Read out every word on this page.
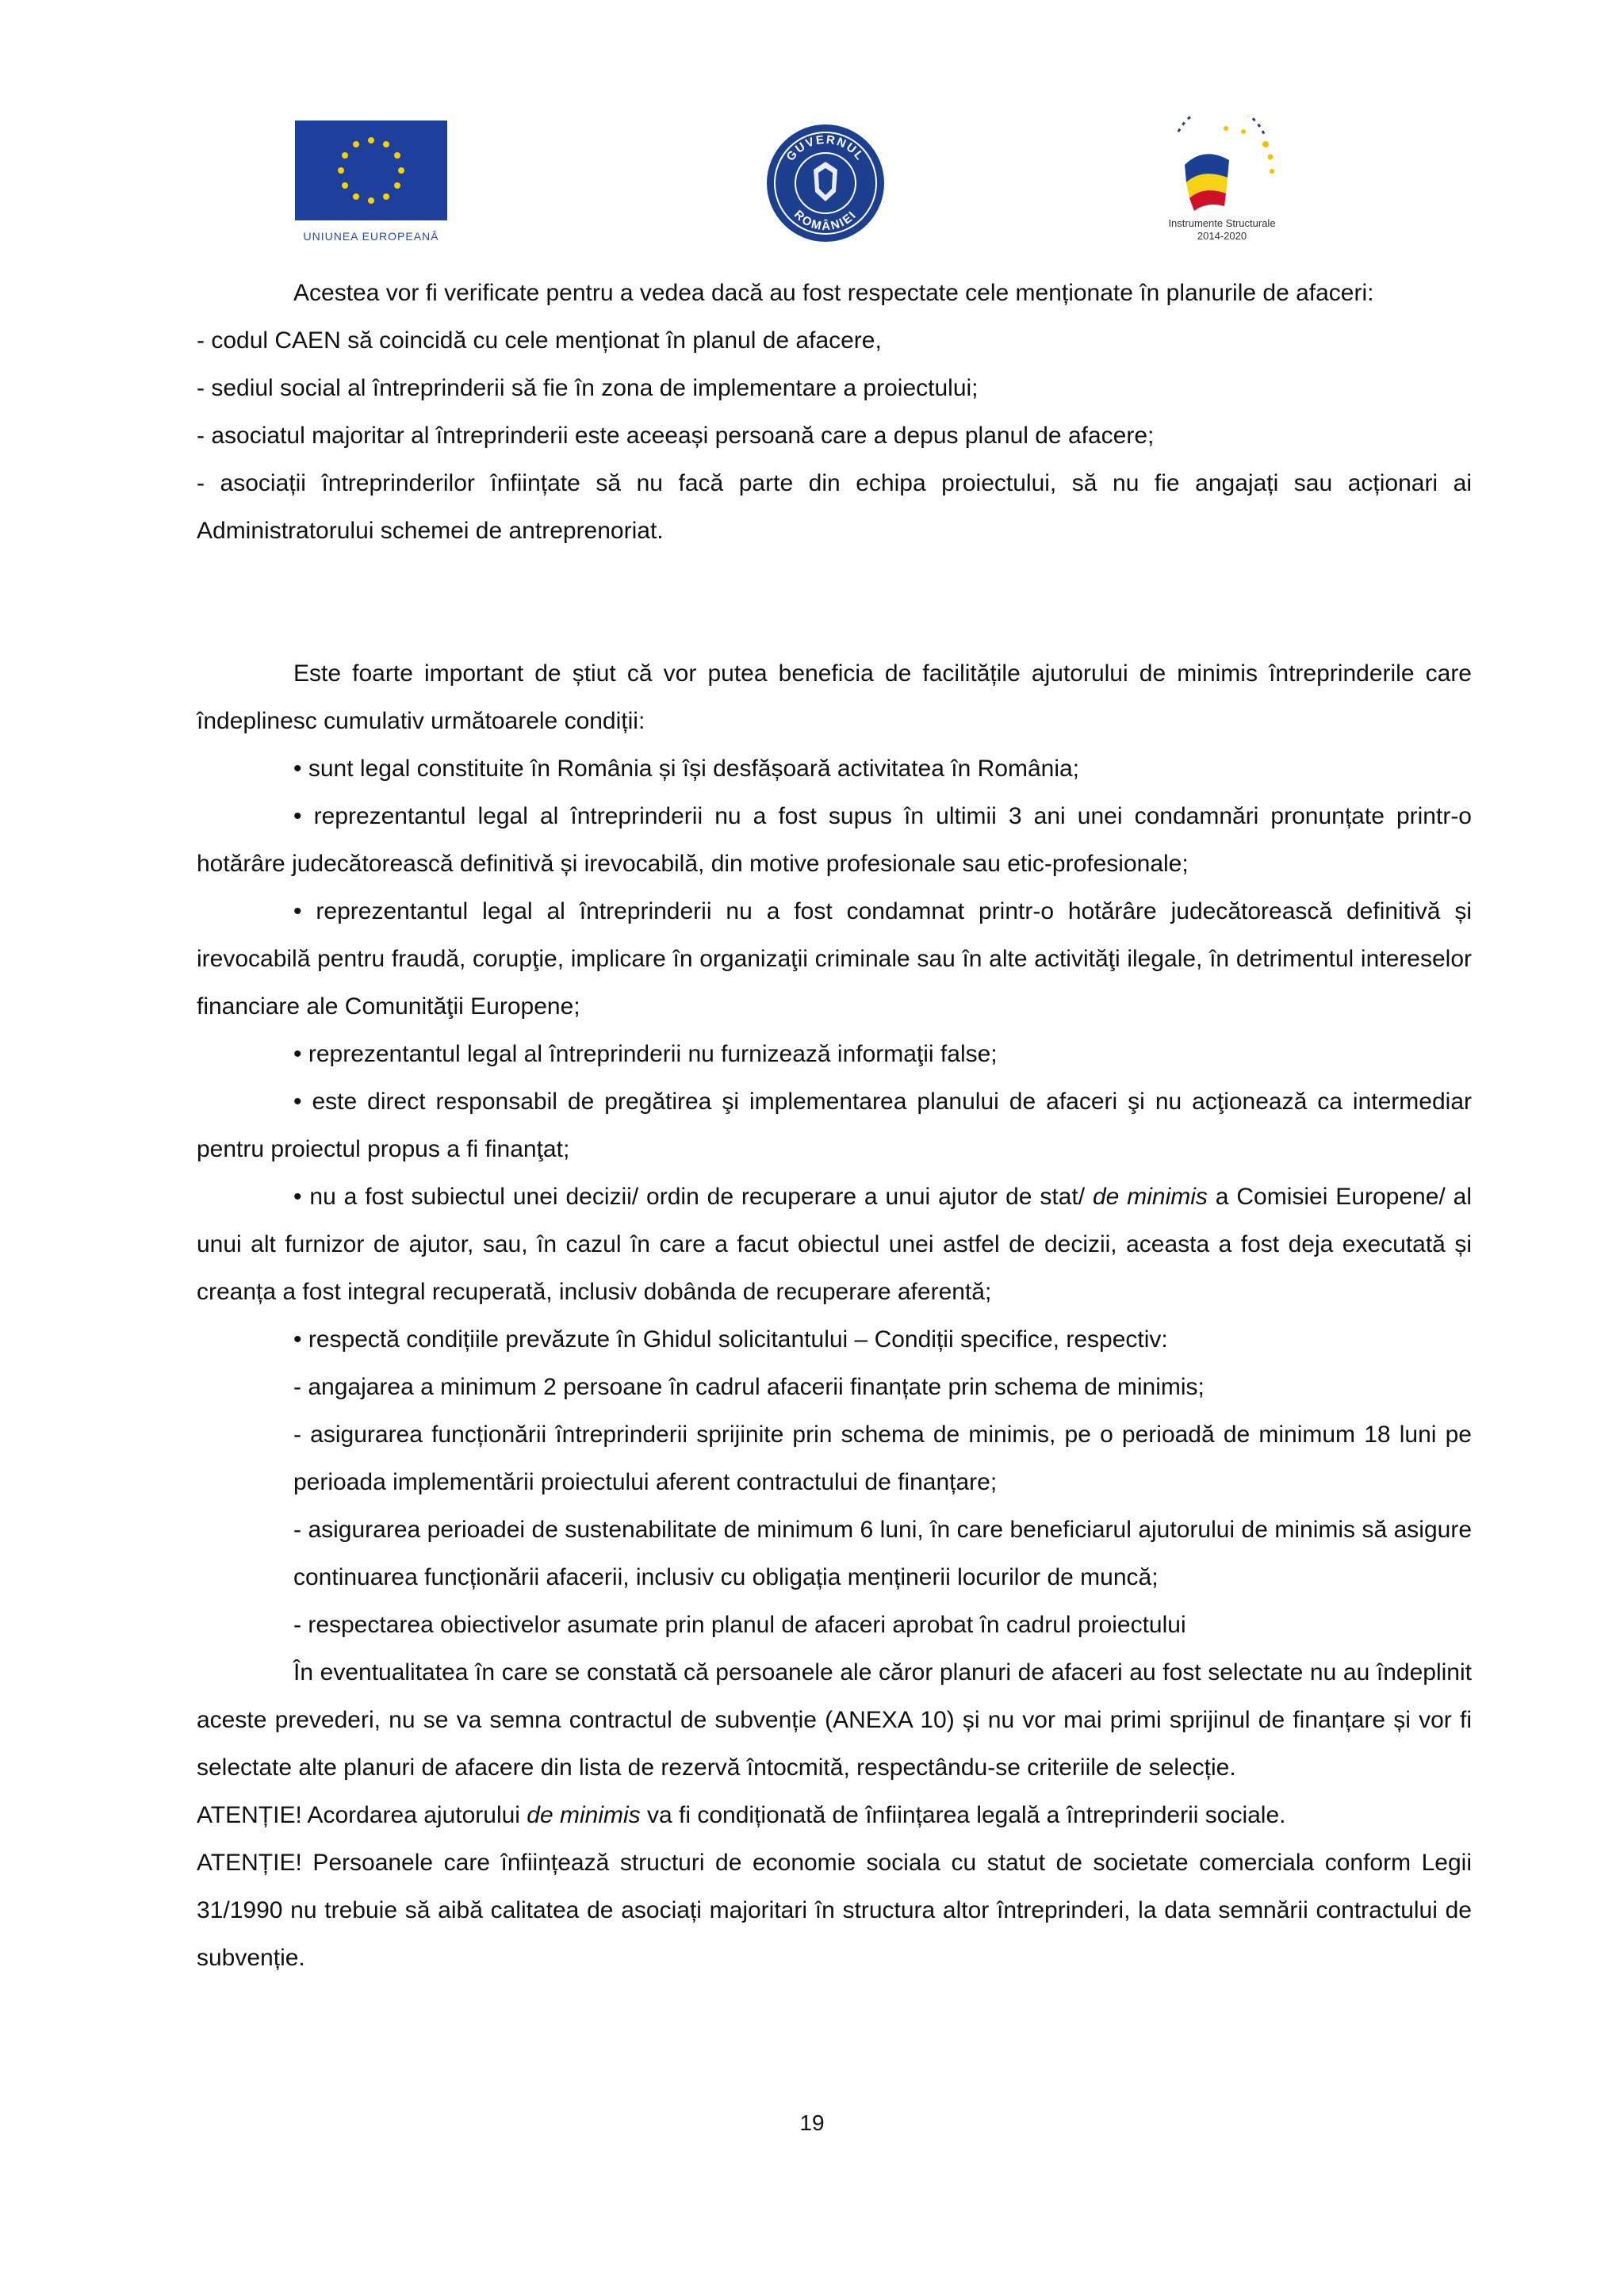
UNIUNEA EUROPEANĂ
GUVERNUL
ROMÂNIEI
Instrumente Structurale
2014-2020

Acestea vor fi verificate pentru a vedea dacă au fost respectate cele menționate în planurile de afaceri:

- codul CAEN să coincidă cu cele menționat în planul de afacere,

- sediul social al întreprinderii să fie în zona de implementare a proiectului;

- asociatul majoritar al întreprinderii este aceeași persoană care a depus planul de afacere;

- asociații întreprinderilor înființate să nu facă parte din echipa proiectului, să nu fie angajați sau acționari ai Administratorului schemei de antreprenoriat.

Este foarte important de știut că vor putea beneficia de facilitățile ajutorului de minimis întreprinderile care îndeplinesc cumulativ următoarele condiții:

• sunt legal constituite în România și își desfășoară activitatea în România;

• reprezentantul legal al întreprinderii nu a fost supus în ultimii 3 ani unei condamnări pronunțate printr-o hotărâre judecătorească definitivă și irevocabilă, din motive profesionale sau etic-profesionale;

• reprezentantul legal al întreprinderii nu a fost condamnat printr-o hotărâre judecătorească definitivă și irevocabilă pentru fraudă, corupţie, implicare în organizaţii criminale sau în alte activităţi ilegale, în detrimentul intereselor financiare ale Comunităţii Europene;

• reprezentantul legal al întreprinderii nu furnizează informaţii false;

• este direct responsabil de pregătirea şi implementarea planului de afaceri şi nu acţionează ca intermediar pentru proiectul propus a fi finanţat;

• nu a fost subiectul unei decizii/ ordin de recuperare a unui ajutor de stat/ de minimis a Comisiei Europene/ al unui alt furnizor de ajutor, sau, în cazul în care a facut obiectul unei astfel de decizii, aceasta a fost deja executată și creanța a fost integral recuperată, inclusiv dobânda de recuperare aferentă;

• respectă condițiile prevăzute în Ghidul solicitantului – Condiții specifice, respectiv:

- angajarea a minimum 2 persoane în cadrul afacerii finanțate prin schema de minimis;

- asigurarea funcționării întreprinderii sprijinite prin schema de minimis, pe o perioadă de minimum 18 luni pe perioada implementării proiectului aferent contractului de finanțare;

- asigurarea perioadei de sustenabilitate de minimum 6 luni, în care beneficiarul ajutorului de minimis să asigure continuarea funcționării afacerii, inclusiv cu obligația menținerii locurilor de muncă;

- respectarea obiectivelor asumate prin planul de afaceri aprobat în cadrul proiectului

În eventualitatea în care se constată că persoanele ale căror planuri de afaceri au fost selectate nu au îndeplinit aceste prevederi, nu se va semna contractul de subvenție (ANEXA 10) și nu vor mai primi sprijinul de finanțare și vor fi selectate alte planuri de afacere din lista de rezervă întocmită, respectându-se criteriile de selecție.

ATENȚIE! Acordarea ajutorului de minimis va fi condiționată de înființarea legală a întreprinderii sociale.

ATENȚIE! Persoanele care înființează structuri de economie sociala cu statut de societate comerciala conform Legii 31/1990 nu trebuie să aibă calitatea de asociați majoritari în structura altor întreprinderi, la data semnării contractului de subvenție.

19
